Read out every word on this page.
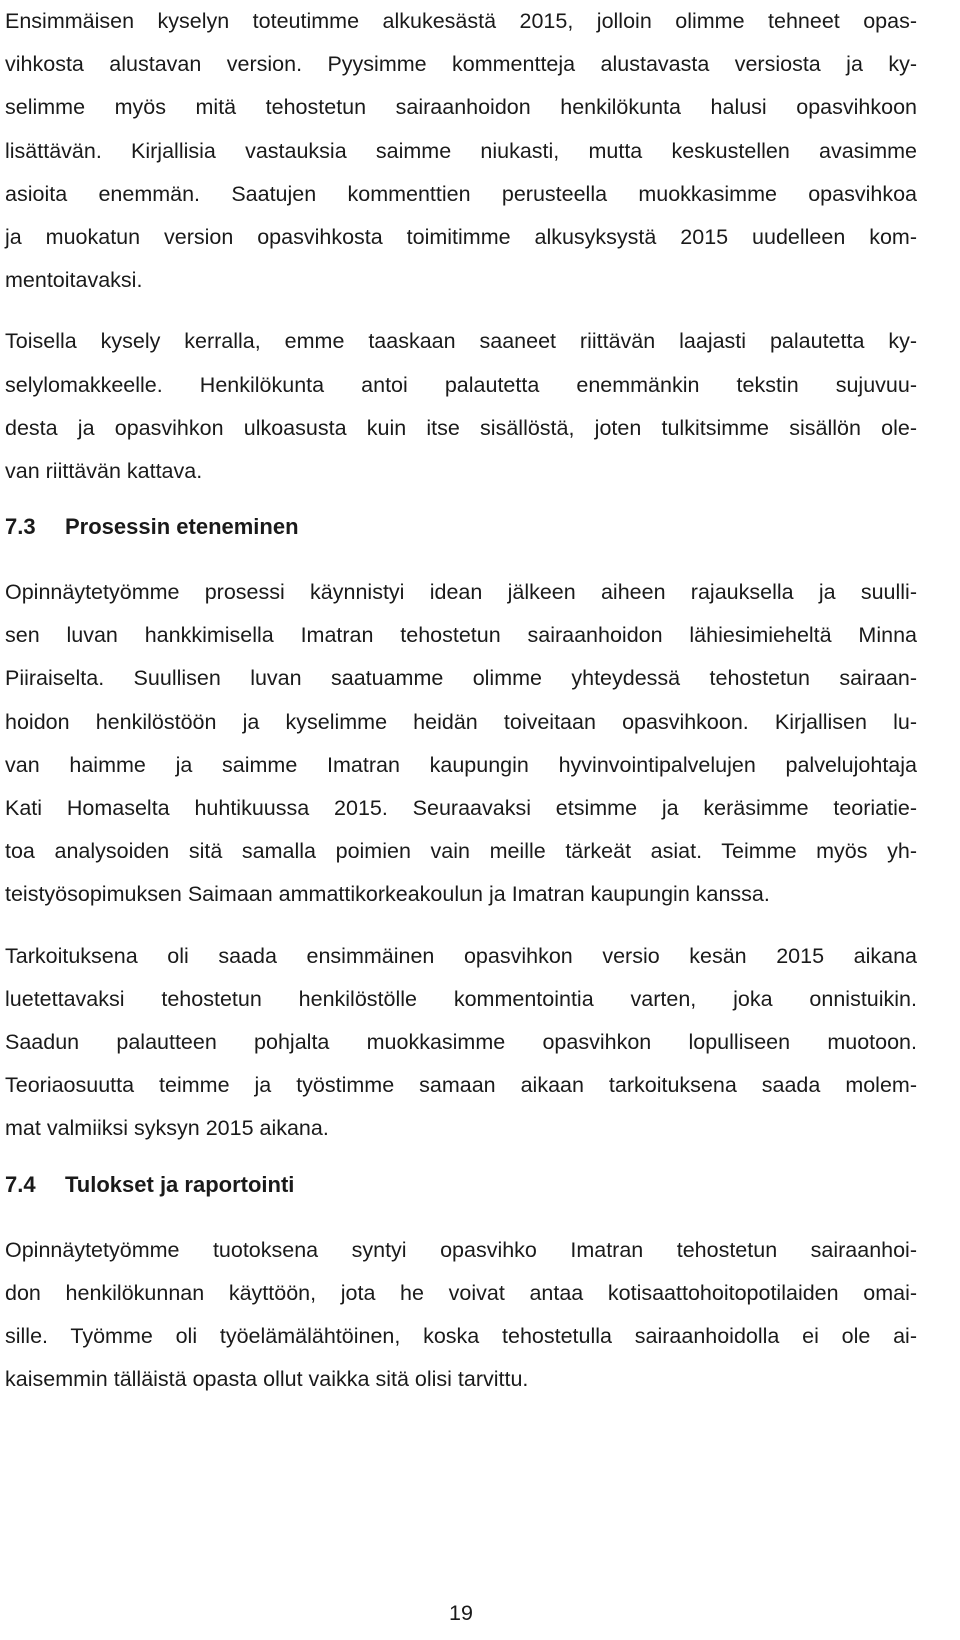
Ensimmäisen kyselyn toteutimme alkukesästä 2015, jolloin olimme tehneet opas-
vihkosta alustavan version. Pyysimme kommentteja alustavasta versiosta ja ky-
selimme myös mitä tehostetun sairaanhoidon henkilökunta halusi opasvihkoon
lisättävän. Kirjallisia vastauksia saimme niukasti, mutta keskustellen avasimme
asioita enemmän. Saatujen kommenttien perusteella muokkasimme opasvihkoa
ja muokatun version opasvihkosta toimitimme alkusyksystä 2015 uudelleen kom-
mentoitavaksi.
Toisella kysely kerralla, emme taaskaan saaneet riittävän laajasti palautetta ky-
selylomakkeelle. Henkilökunta antoi palautetta enemmänkin tekstin sujuvuu-
desta ja opasvihkon ulkoasusta kuin itse sisällöstä, joten tulkitsimme sisällön ole-
van riittävän kattava.
7.3 Prosessin eteneminen
Opinnäytetyömme prosessi käynnistyi idean jälkeen aiheen rajauksella ja suulli-
sen luvan hankkimisella Imatran tehostetun sairaanhoidon lähiesimieheltä Minna
Piiraiselta. Suullisen luvan saatuamme olimme yhteydessä tehostetun sairaan-
hoidon henkilöstöön ja kyselimme heidän toiveitaan opasvihkoon. Kirjallisen lu-
van haimme ja saimme Imatran kaupungin hyvinvointipalvelujen palvelujohtaja
Kati Homaselta huhtikuussa 2015. Seuraavaksi etsimme ja keräsimme teoriatie-
toa analysoiden sitä samalla poimien vain meille tärkeät asiat. Teimme myös yh-
teistyösopimuksen Saimaan ammattikorkeakoulun ja Imatran kaupungin kanssa.
Tarkoituksena oli saada ensimmäinen opasvihkon versio kesän 2015 aikana
luetettavaksi tehostetun henkilöstölle kommentointia varten, joka onnistuikin.
Saadun palautteen pohjalta muokkasimme opasvihkon lopulliseen muotoon.
Teoriaosuutta teimme ja työstimme samaan aikaan tarkoituksena saada molem-
mat valmiiksi syksyn 2015 aikana.
7.4 Tulokset ja raportointi
Opinnäytetyömme tuotoksena syntyi opasvihko Imatran tehostetun sairaanhoi-
don henkilökunnan käyttöön, jota he voivat antaa kotisaattohoitopotilaiden omai-
sille. Työmme oli työelämälähtöinen, koska tehostetulla sairaanhoidolla ei ole ai-
kaisemmin tälläistä opasta ollut vaikka sitä olisi tarvittu.
19
